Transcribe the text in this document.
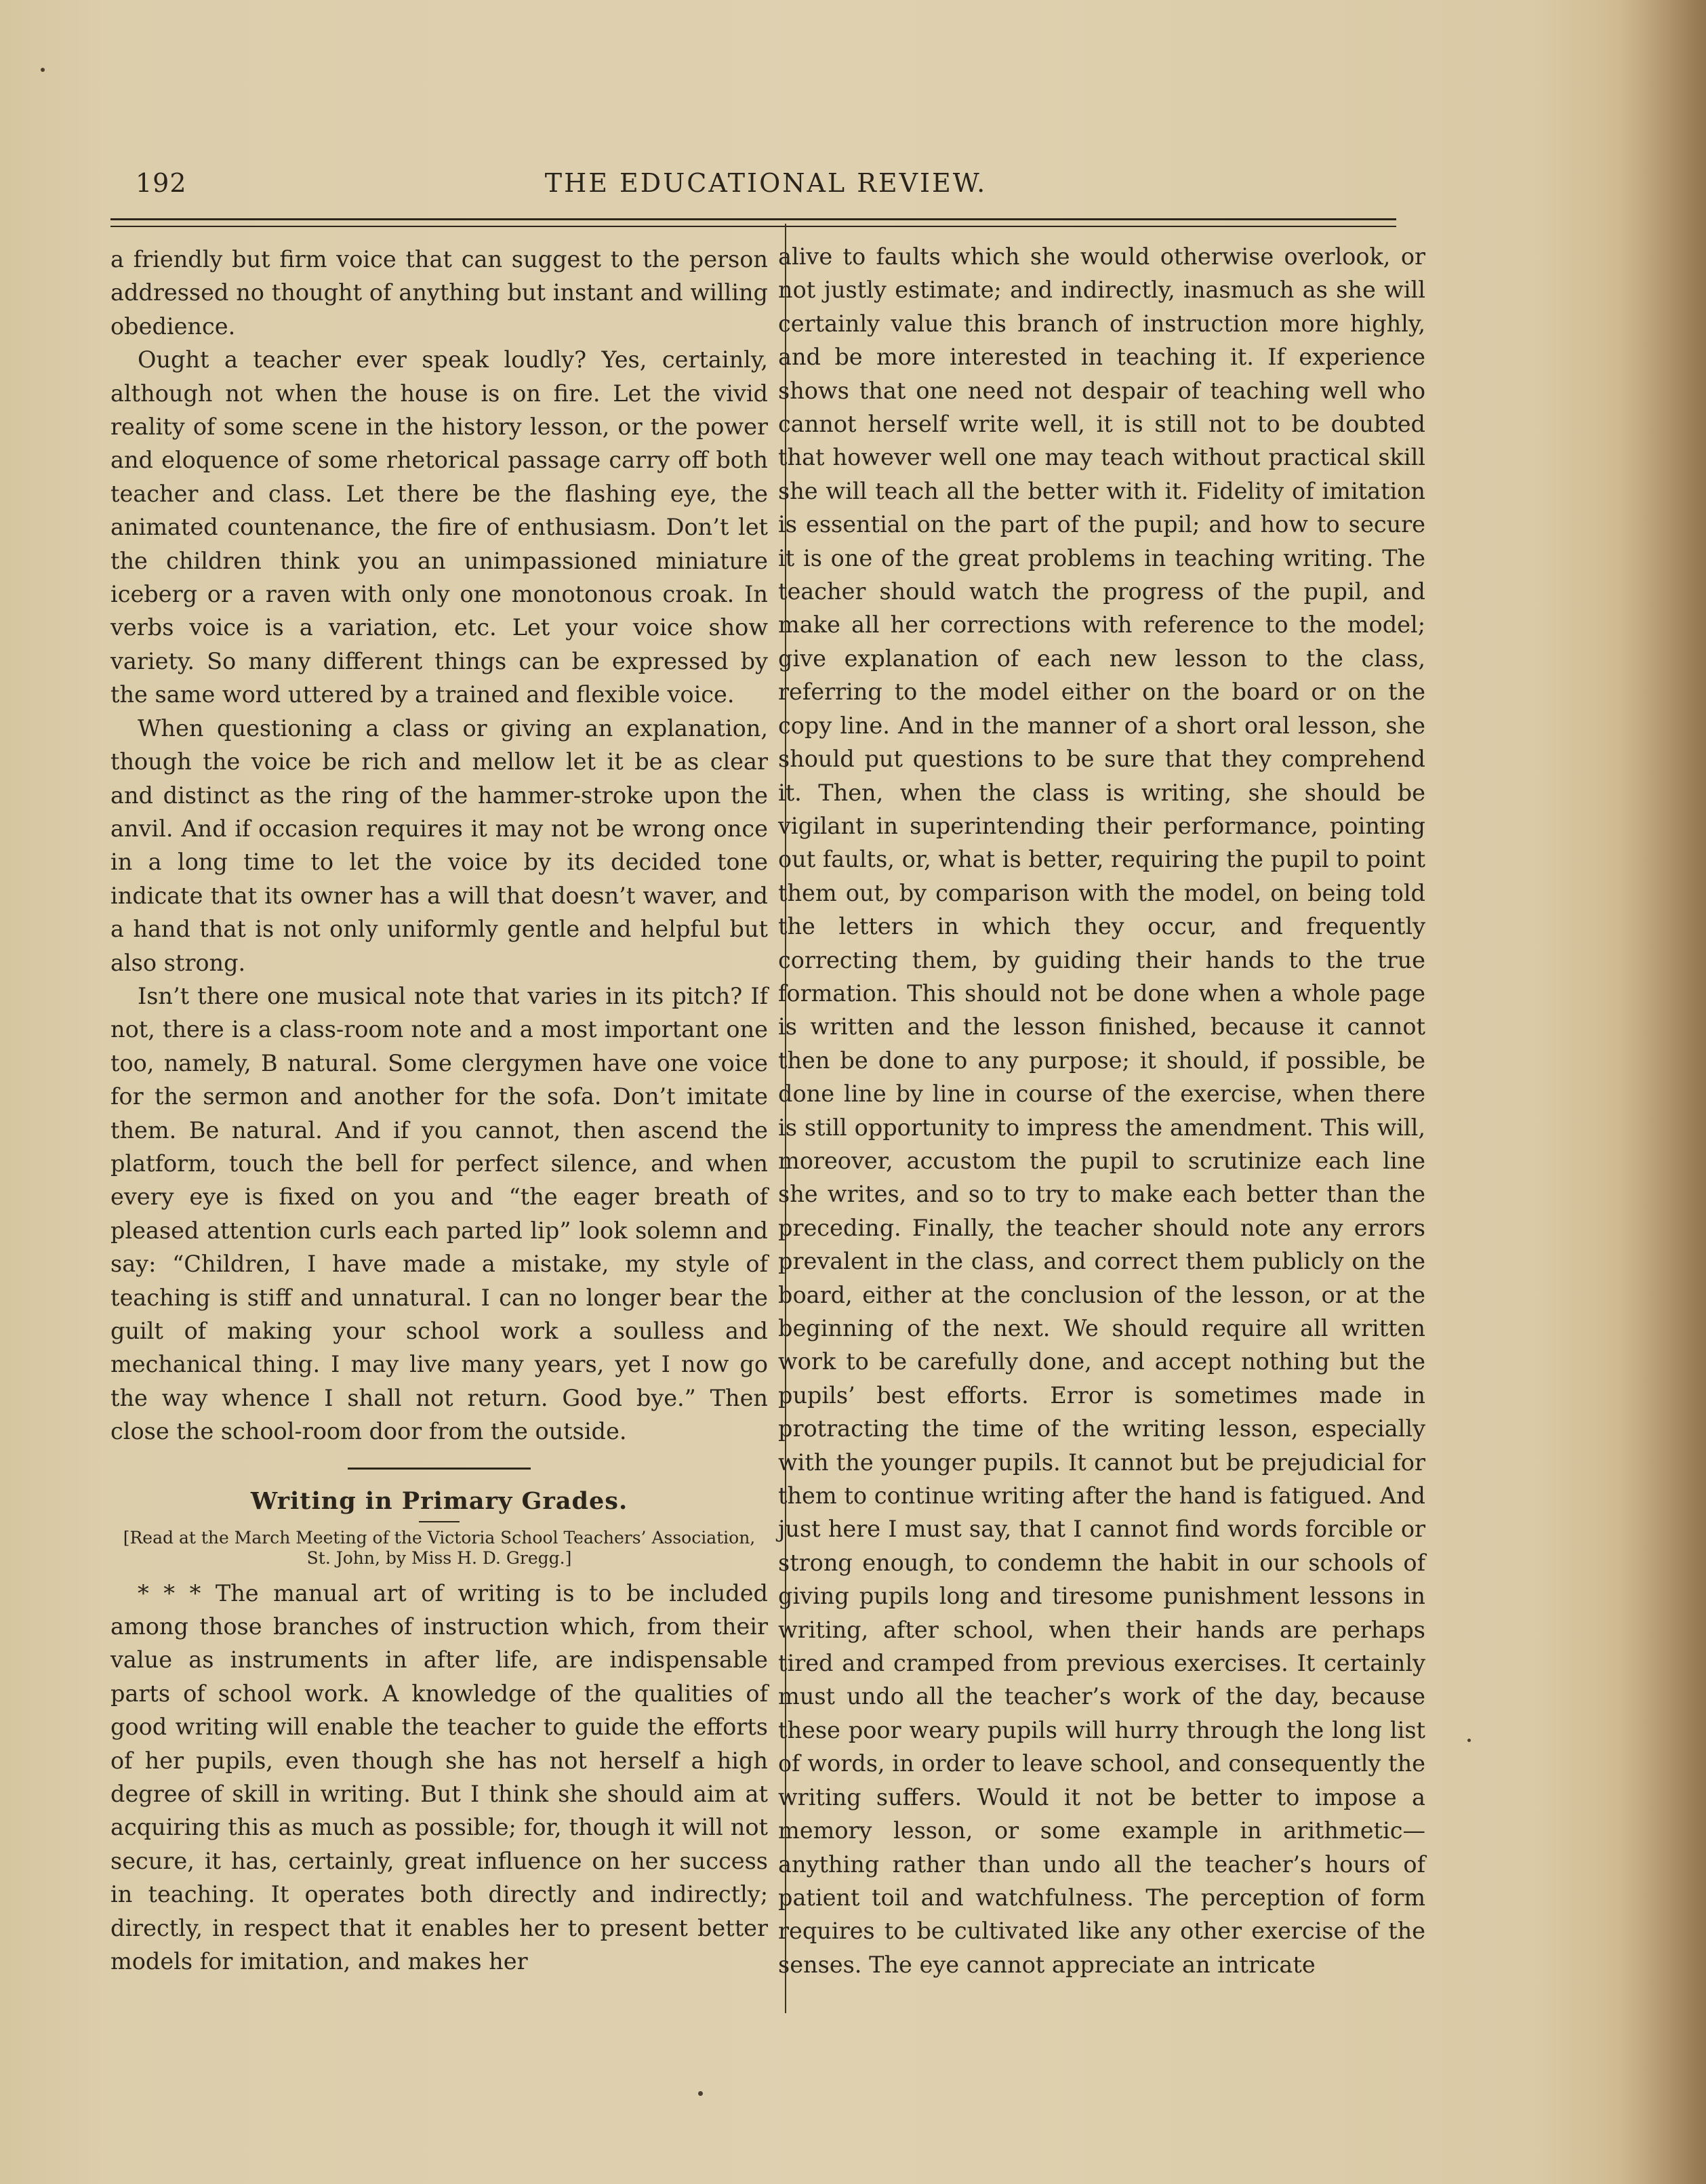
192	THE EDUCATIONAL REVIEW.

a friendly but firm voice that can suggest to the person addressed no thought of anything but instant and willing obedience.

Ought a teacher ever speak loudly? Yes, certainly, although not when the house is on fire. Let the vivid reality of some scene in the history lesson, or the power and eloquence of some rhetorical passage carry off both teacher and class. Let there be the flashing eye, the animated countenance, the fire of enthusiasm. Don’t let the children think you an unimpassioned miniature iceberg or a raven with only one monotonous croak. In verbs voice is a variation, etc. Let your voice show variety. So many different things can be expressed by the same word uttered by a trained and flexible voice.

When questioning a class or giving an explanation, though the voice be rich and mellow let it be as clear and distinct as the ring of the hammer-stroke upon the anvil. And if occasion requires it may not be wrong once in a long time to let the voice by its decided tone indicate that its owner has a will that doesn’t waver, and a hand that is not only uniformly gentle and helpful but also strong.

Isn’t there one musical note that varies in its pitch? If not, there is a class-room note and a most important one too, namely, B natural. Some clergymen have one voice for the sermon and another for the sofa. Don’t imitate them. Be natural. And if you cannot, then ascend the platform, touch the bell for perfect silence, and when every eye is fixed on you and “the eager breath of pleased attention curls each parted lip” look solemn and say: “Children, I have made a mistake, my style of teaching is stiff and unnatural. I can no longer bear the guilt of making your school work a soulless and mechanical thing. I may live many years, yet I now go the way whence I shall not return. Good bye.” Then close the school-room door from the outside.

Writing in Primary Grades.
[Read at the March Meeting of the Victoria School Teachers’ Association, St. John, by Miss H. D. Gregg.]

* * * The manual art of writing is to be included among those branches of instruction which, from their value as instruments in after life, are indispensable parts of school work. A knowledge of the qualities of good writing will enable the teacher to guide the efforts of her pupils, even though she has not herself a high degree of skill in writing. But I think she should aim at acquiring this as much as possible; for, though it will not secure, it has, certainly, great influence on her success in teaching. It operates both directly and indirectly; directly, in respect that it enables her to present better models for imitation, and makes her

alive to faults which she would otherwise overlook, or not justly estimate; and indirectly, inasmuch as she will certainly value this branch of instruction more highly, and be more interested in teaching it. If experience shows that one need not despair of teaching well who cannot herself write well, it is still not to be doubted that however well one may teach without practical skill she will teach all the better with it. Fidelity of imitation is essential on the part of the pupil; and how to secure it is one of the great problems in teaching writing. The teacher should watch the progress of the pupil, and make all her corrections with reference to the model; give explanation of each new lesson to the class, referring to the model either on the board or on the copy line. And in the manner of a short oral lesson, she should put questions to be sure that they comprehend it. Then, when the class is writing, she should be vigilant in superintending their performance, pointing out faults, or, what is better, requiring the pupil to point them out, by comparison with the model, on being told the letters in which they occur, and frequently correcting them, by guiding their hands to the true formation. This should not be done when a whole page is written and the lesson finished, because it cannot then be done to any purpose; it should, if possible, be done line by line in course of the exercise, when there is still opportunity to impress the amendment. This will, moreover, accustom the pupil to scrutinize each line she writes, and so to try to make each better than the preceding. Finally, the teacher should note any errors prevalent in the class, and correct them publicly on the board, either at the conclusion of the lesson, or at the beginning of the next. We should require all written work to be carefully done, and accept nothing but the pupils’ best efforts. Error is sometimes made in protracting the time of the writing lesson, especially with the younger pupils. It cannot but be prejudicial for them to continue writing after the hand is fatigued. And just here I must say, that I cannot find words forcible or strong enough, to condemn the habit in our schools of giving pupils long and tiresome punishment lessons in writing, after school, when their hands are perhaps tired and cramped from previous exercises. It certainly must undo all the teacher’s work of the day, because these poor weary pupils will hurry through the long list of words, in order to leave school, and consequently the writing suffers. Would it not be better to impose a memory lesson, or some example in arithmetic—anything rather than undo all the teacher’s hours of patient toil and watchfulness. The perception of form requires to be cultivated like any other exercise of the senses. The eye cannot appreciate an intricate
